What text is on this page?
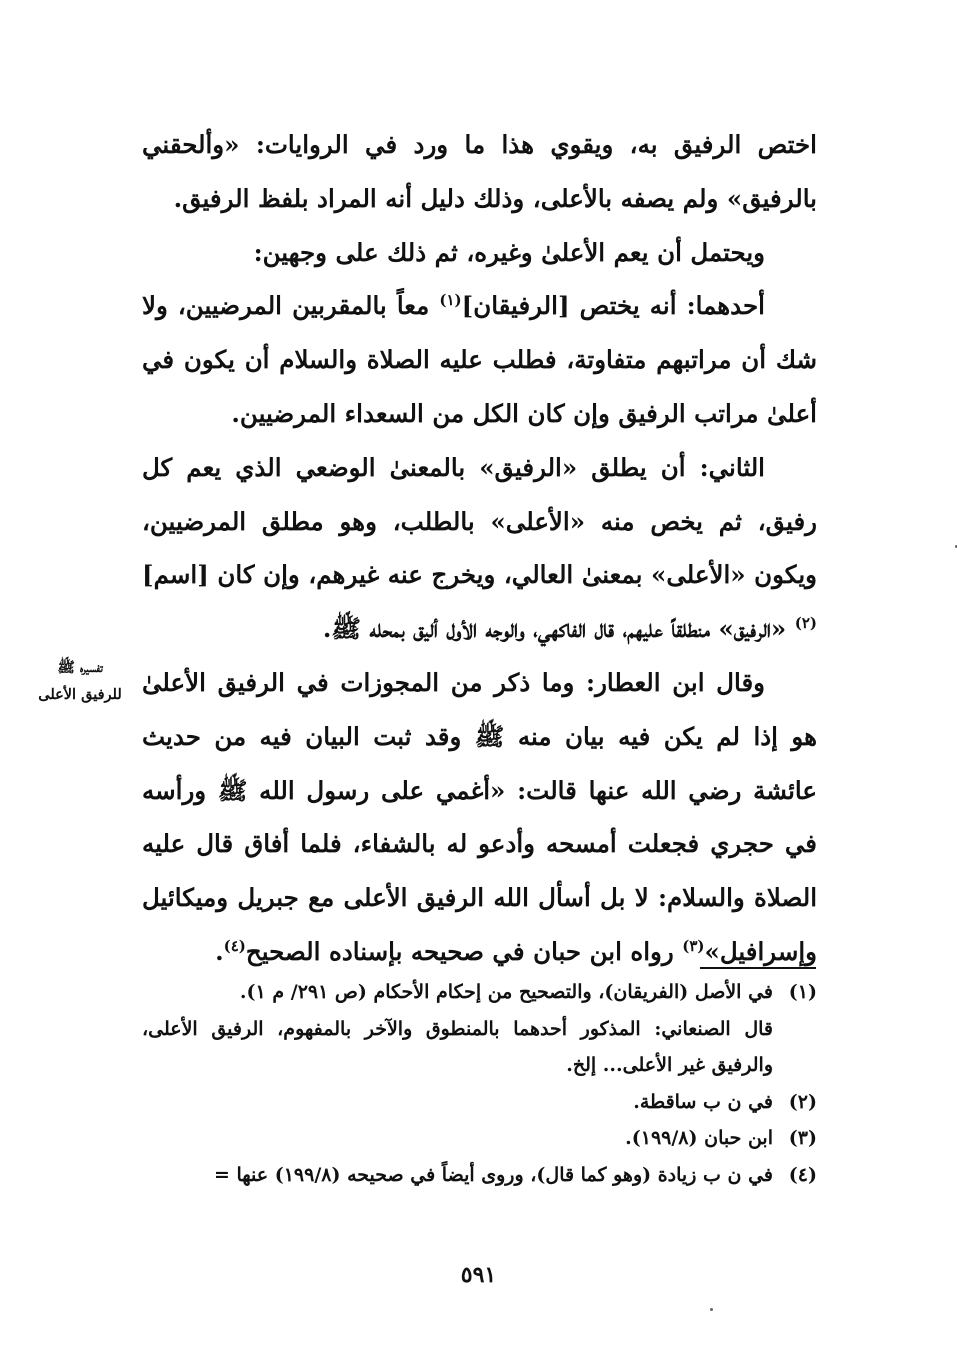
اختص الرفيق به، ويقوي هذا ما ورد في الروايات: «وألحقني بالرفيق» ولم يصفه بالأعلى، وذلك دليل أنه المراد بلفظ الرفيق.

ويحتمل أن يعم الأعلىٰ وغيره، ثم ذلك على وجهين:

أحدهما: أنه يختص [الرفيقان]$^{(١)}$ معاً بالمقربين المرضيين، ولا شك أن مراتبهم متفاوتة، فطلب عليه الصلاة والسلام أن يكون في أعلىٰ مراتب الرفيق وإن كان الكل من السعداء المرضيين.

الثاني: أن يطلق «الرفيق» بالمعنىٰ الوضعي الذي يعم كل رفيق، ثم يخص منه «الأعلى» بالطلب، وهو مطلق المرضيين، ويكون «الأعلى» بمعنىٰ العالي، ويخرج عنه غيرهم، وإن كان [اسم]$^{(٢)}$ «الرفيق» منطلقاً عليهم، قال الفاكهي، والوجه الأول أليق بمحله ﷺ.

وقال ابن العطار: وما ذكر من المجوزات في الرفيق الأعلىٰ هو إذا لم يكن فيه بيان منه ﷺ وقد ثبت البيان فيه من حديث عائشة رضي الله عنها قالت: «أغمي على رسول الله ﷺ ورأسه في حجري فجعلت أمسحه وأدعو له بالشفاء، فلما أفاق قال عليه الصلاة والسلام: لا بل أسأل الله الرفيق الأعلى مع جبريل وميكائيل وإسرافيل»$^{(٣)}$ رواه ابن حبان في صحيحه بإسناده الصحيح$^{(٤)}$.

تفسيره ﷺ
للرفيق الأعلى
(١)
في الأصل (الفريقان)، والتصحيح من إحكام الأحكام (ص ٢٩١/ م ١).
قال الصنعاني: المذكور أحدهما بالمنطوق والآخر بالمفهوم، الرفيق الأعلى، والرفيق غير الأعلى... إلخ.
(٢)
في ن ب ساقطة.
(٣)
ابن حبان (١٩٩/٨).
(٤)
في ن ب زيادة (وهو كما قال)، وروى أيضاً في صحيحه (١٩٩/٨) عنها =
٥٩١
